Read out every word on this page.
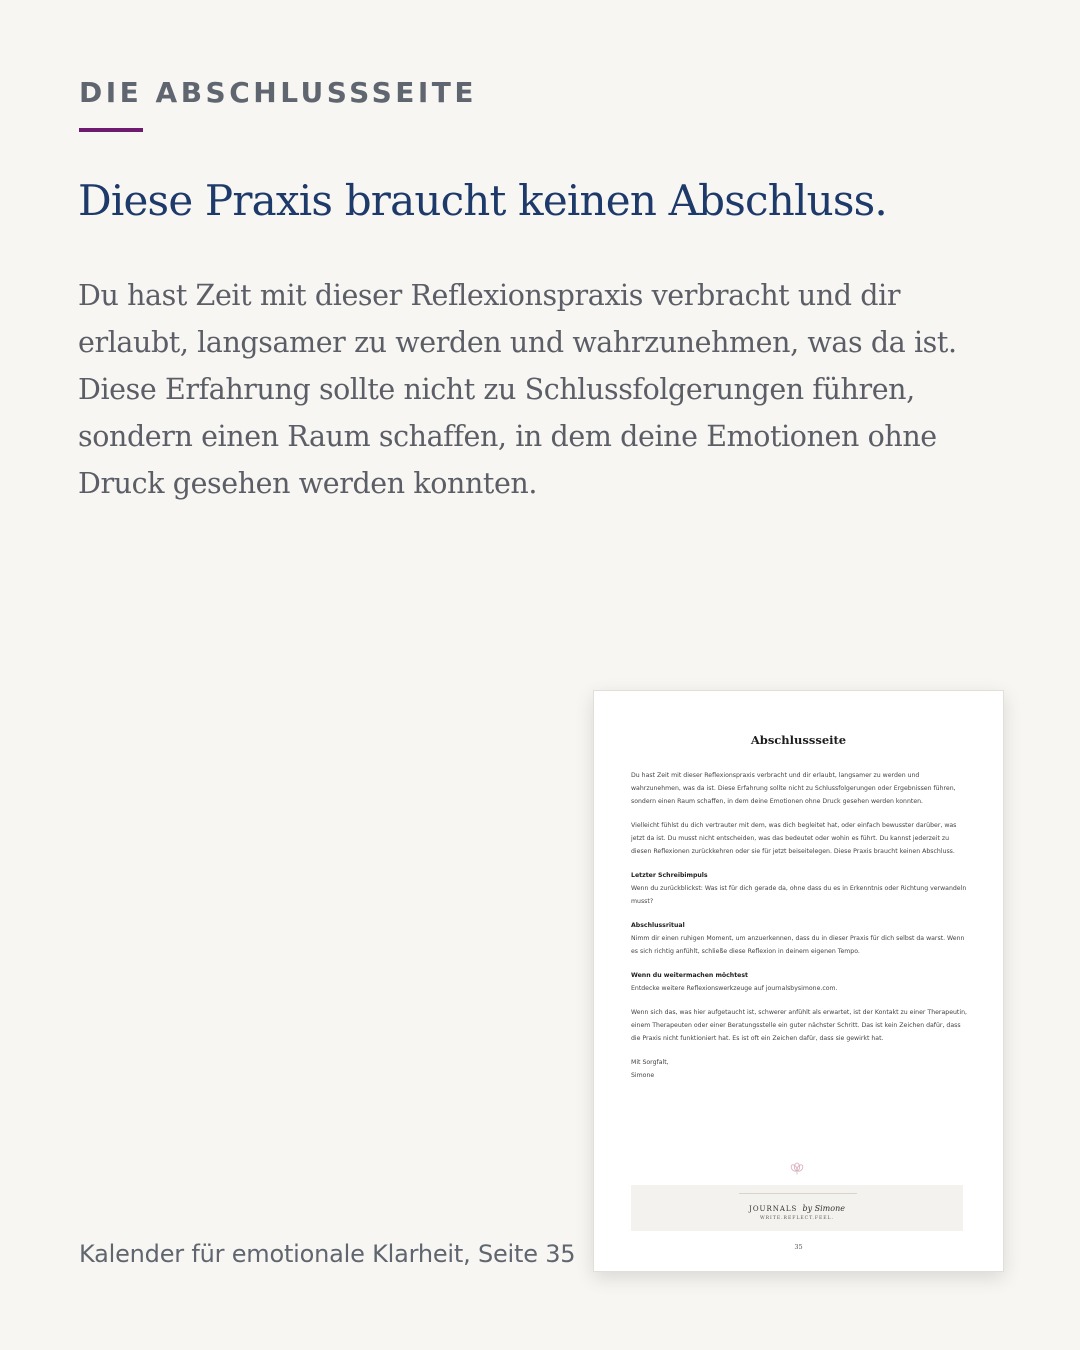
DIE ABSCHLUSSSEITE
Diese Praxis braucht keinen Abschluss.

Du hast Zeit mit dieser Reflexionspraxis verbracht und dir erlaubt, langsamer zu werden und wahrzunehmen, was da ist. Diese Erfahrung sollte nicht zu Schlussfolgerungen führen, sondern einen Raum schaffen, in dem deine Emotionen ohne Druck gesehen werden konnten.

Abschlussseite

Du hast Zeit mit dieser Reflexionspraxis verbracht und dir erlaubt, langsamer zu werden und wahrzunehmen, was da ist. Diese Erfahrung sollte nicht zu Schlussfolgerungen oder Ergebnissen führen, sondern einen Raum schaffen, in dem deine Emotionen ohne Druck gesehen werden konnten.

Vielleicht fühlst du dich vertrauter mit dem, was dich begleitet hat, oder einfach bewusster darüber, was jetzt da ist. Du musst nicht entscheiden, was das bedeutet oder wohin es führt. Du kannst jederzeit zu diesen Reflexionen zurückkehren oder sie für jetzt beiseitelegen. Diese Praxis braucht keinen Abschluss.

Letzter Schreibimpuls
Wenn du zurückblickst: Was ist für dich gerade da, ohne dass du es in Erkenntnis oder Richtung verwandeln musst?

Abschlussritual
Nimm dir einen ruhigen Moment, um anzuerkennen, dass du in dieser Praxis für dich selbst da warst. Wenn es sich richtig anfühlt, schließe diese Reflexion in deinem eigenen Tempo.

Wenn du weitermachen möchtest
Entdecke weitere Reflexionswerkzeuge auf journalsbysimone.com.

Wenn sich das, was hier aufgetaucht ist, schwerer anfühlt als erwartet, ist der Kontakt zu einer Therapeutin, einem Therapeuten oder einer Beratungsstelle ein guter nächster Schritt. Das ist kein Zeichen dafür, dass die Praxis nicht funktioniert hat. Es ist oft ein Zeichen dafür, dass sie gewirkt hat.

Mit Sorgfalt,
Simone

JOURNALS by Simone
WRITE.REFLECT.FEEL.
35
Kalender für emotionale Klarheit, Seite 35
